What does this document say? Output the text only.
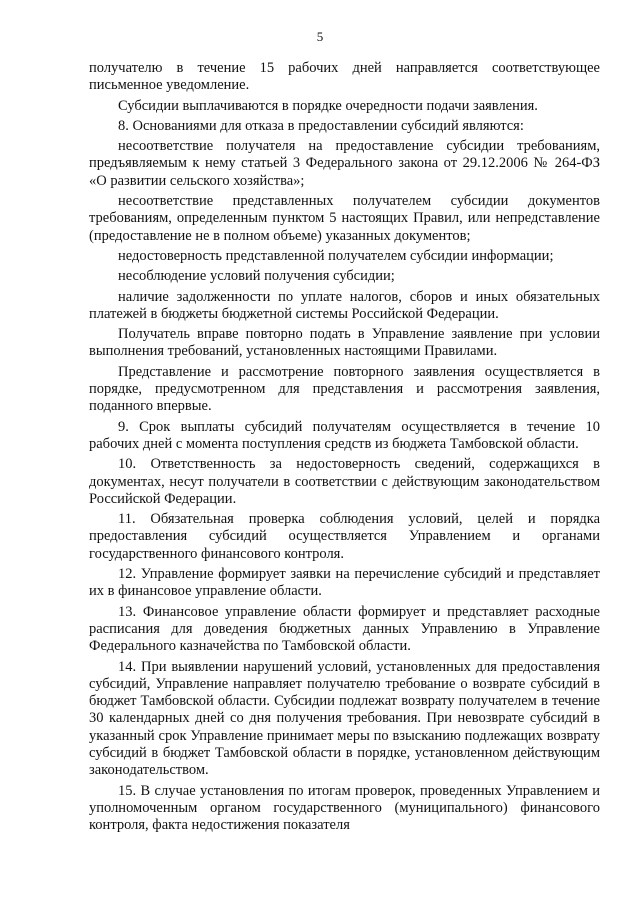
5

получателю в течение 15 рабочих дней направляется соответствующее письменное уведомление.

Субсидии выплачиваются в порядке очередности подачи заявления.

8. Основаниями для отказа в предоставлении субсидий являются:

несоответствие получателя на предоставление субсидии требованиям, предъявляемым к нему статьей 3 Федерального закона от 29.12.2006 № 264-ФЗ «О развитии сельского хозяйства»;

несоответствие представленных получателем субсидии документов требованиям, определенным пунктом 5 настоящих Правил, или непредставление (предоставление не в полном объеме) указанных документов;

недостоверность представленной получателем субсидии информации;

несоблюдение условий получения субсидии;

наличие задолженности по уплате налогов, сборов и иных обязательных платежей в бюджеты бюджетной системы Российской Федерации.

Получатель вправе повторно подать в Управление заявление при условии выполнения требований, установленных настоящими Правилами.

Представление и рассмотрение повторного заявления осуществляется в порядке, предусмотренном для представления и рассмотрения заявления, поданного впервые.

9. Срок выплаты субсидий получателям осуществляется в течение 10 рабочих дней с момента поступления средств из бюджета Тамбовской области.

10. Ответственность за недостоверность сведений, содержащихся в документах, несут получатели в соответствии с действующим законодательством Российской Федерации.

11. Обязательная проверка соблюдения условий, целей и порядка предоставления субсидий осуществляется Управлением и органами государственного финансового контроля.

12. Управление формирует заявки на перечисление субсидий и представляет их в финансовое управление области.

13. Финансовое управление области формирует и представляет расходные расписания для доведения бюджетных данных Управлению в Управление Федерального казначейства по Тамбовской области.

14. При выявлении нарушений условий, установленных для предоставления субсидий, Управление направляет получателю требование о возврате субсидий в бюджет Тамбовской области. Субсидии подлежат возврату получателем в течение 30 календарных дней со дня получения требования. При невозврате субсидий в указанный срок Управление принимает меры по взысканию подлежащих возврату субсидий в бюджет Тамбовской области в порядке, установленном действующим законодательством.

15. В случае установления по итогам проверок, проведенных Управлением и уполномоченным органом государственного (муниципального) финансового контроля, факта недостижения показателя
